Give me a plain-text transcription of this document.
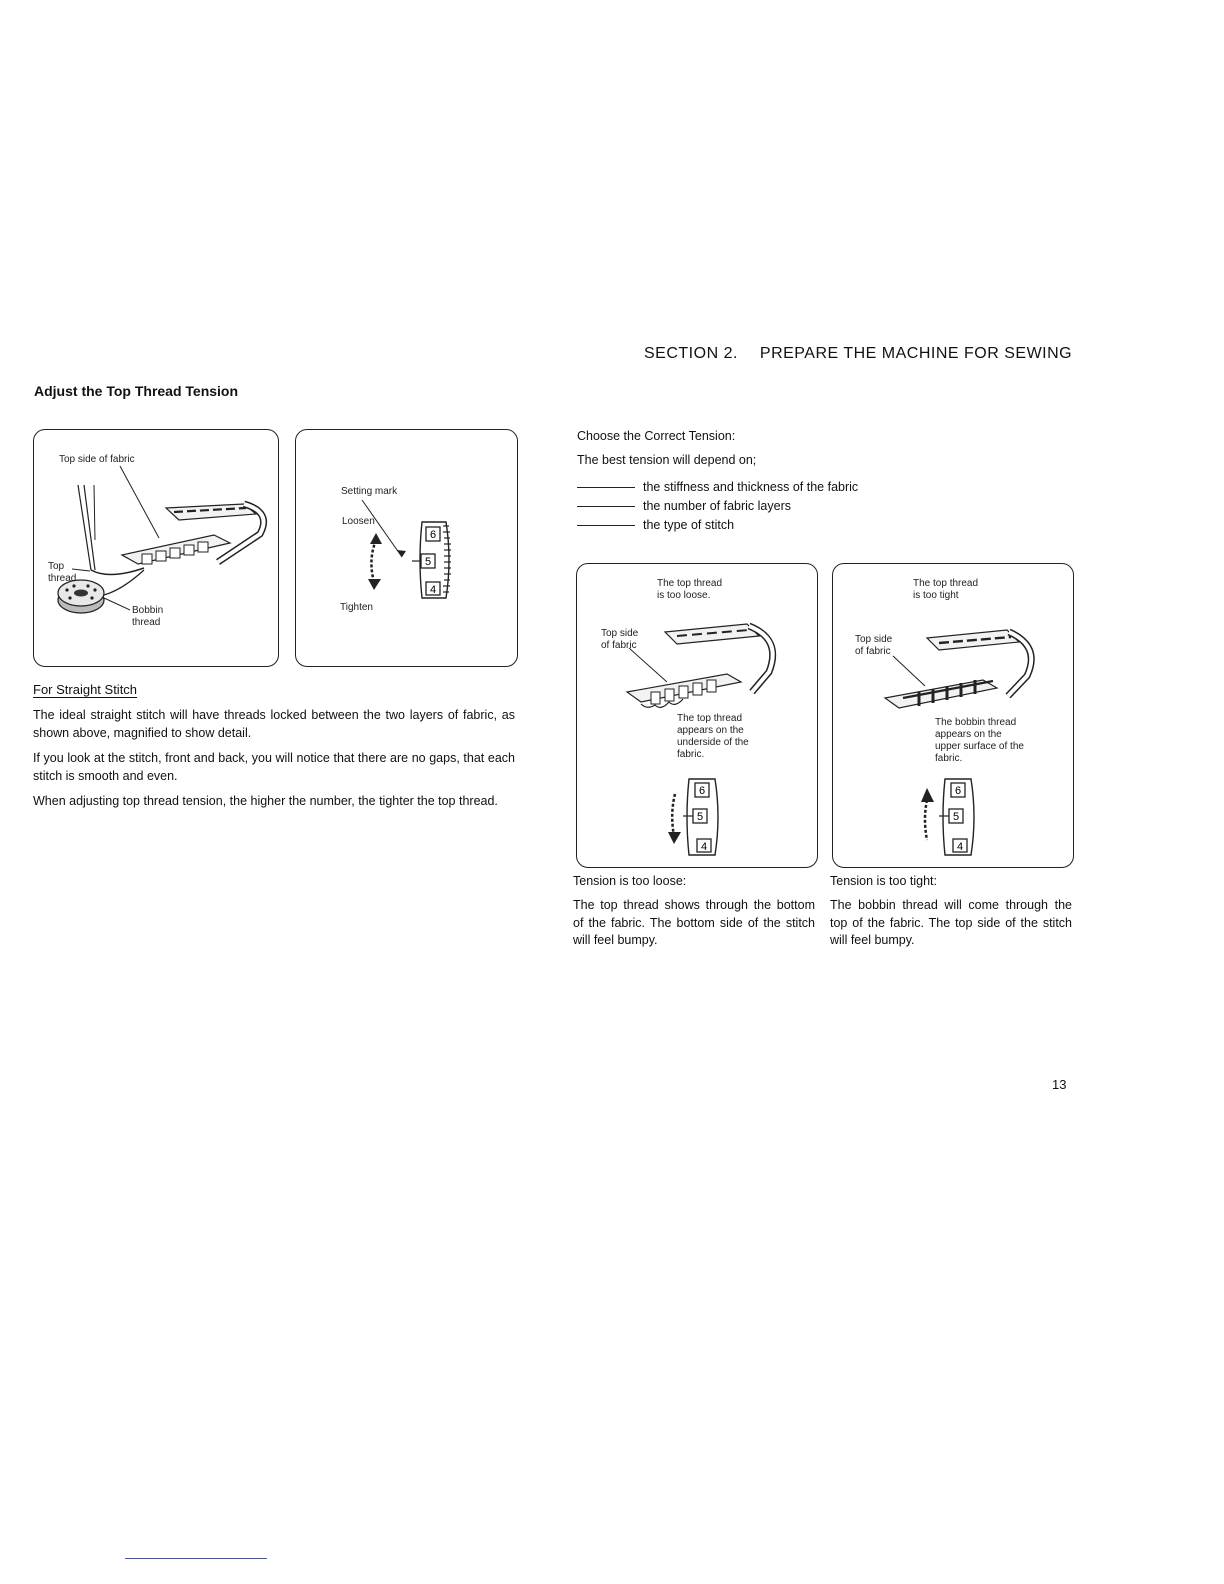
SECTION 2. PREPARE THE MACHINE FOR SEWING
Adjust the Top Thread Tension
Top side of fabric
Top
thread
Bobbin
thread
6
5
4
Setting mark
Loosen
Tighten
For Straight Stitch

The ideal straight stitch will have threads locked between the two layers of fabric, as shown above, magnified to show detail.

If you look at the stitch, front and back, you will notice that there are no gaps, that each stitch is smooth and even.

When adjusting top thread tension, the higher the number, the tighter the top thread.

Choose the Correct Tension:
The best tension will depend on;
the stiffness and thickness of the fabric
the number of fabric layers
the type of stitch
6
5
4
The top thread
is too loose.
Top side
of fabric
The top thread
appears on the
underside of the
fabric.
6
5
4
The top thread
is too tight
Top side
of fabric
The bobbin thread
appears on the
upper surface of the
fabric.
Tension is too loose:

The top thread shows through the bottom of the fabric. The bottom side of the stitch will feel bumpy.

Tension is too tight:

The bobbin thread will come through the top of the fabric. The top side of the stitch will feel bumpy.

13
